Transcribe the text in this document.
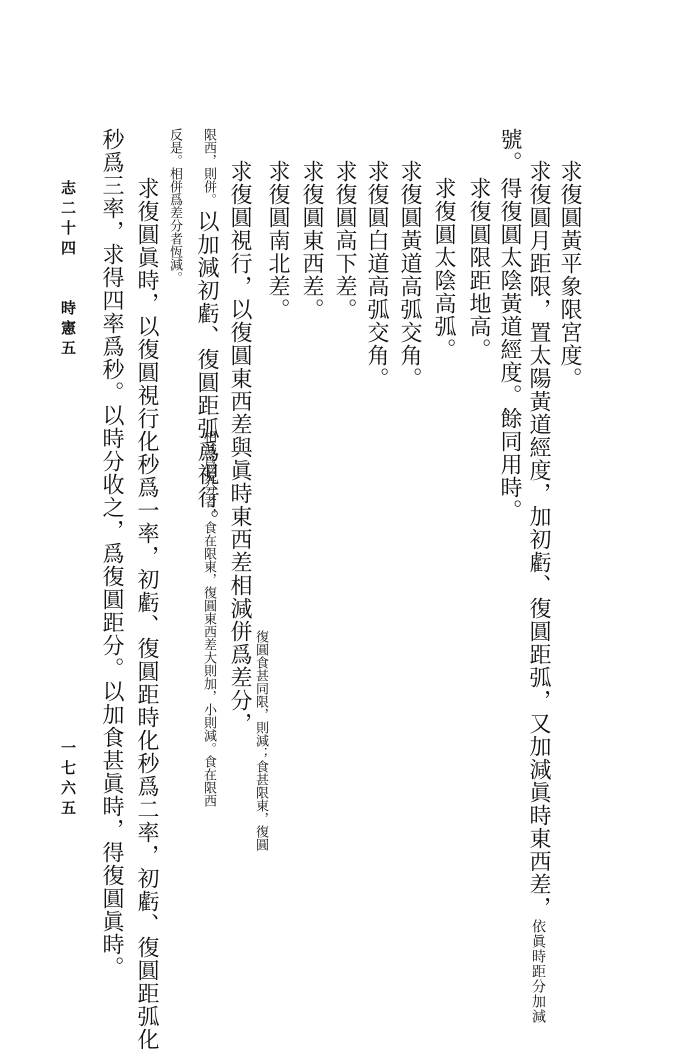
求復圓黃平象限宮度。
求復圓月距限，置太陽黃道經度，加初虧、復圓距弧，又加減眞時東西差，依眞時距分加減
號。
得復圓太陰黃道經度。餘同用時。
求復圓限距地高。
求復圓太陰高弧。
求復圓黃道高弧交角。
求復圓白道高弧交角。
求復圓高下差。
求復圓東西差。
求復圓南北差。
求復圓視行，以復圓東西差與眞時東西差相減併爲差分，
復圓食甚同限，則減；食甚限東，復圓
限西，則併。
以加減初虧、復圓距弧爲視行。
相減爲差分者，食在限東，復圓東西差大則加，小則減。食在限西
反是。相併爲差分者恆減。
求復圓眞時，以復圓視行化秒爲一率，初虧、復圓距時化秒爲二率，初虧、復圓距弧化
秒爲三率，求得四率爲秒。以時分收之，爲復圓距分。以加食甚眞時，得復圓眞時。
志二十四
時憲五
一七六五
